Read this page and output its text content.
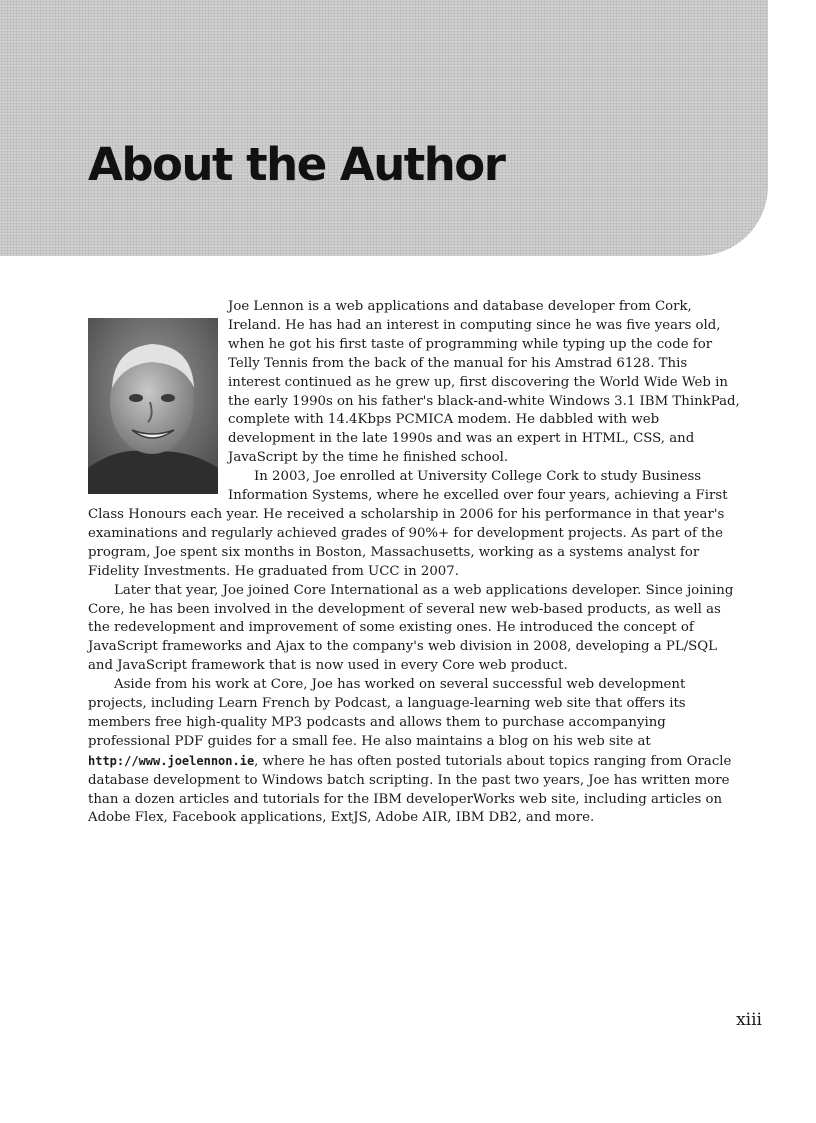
About the Author

Joe Lennon is a web applications and database developer from Cork, Ireland. He has had an interest in computing since he was five years old, when he got his first taste of programming while typing up the code for Telly Tennis from the back of the manual for his Amstrad 6128. This interest continued as he grew up, first discovering the World Wide Web in the early 1990s on his father's black-and-white Windows 3.1 IBM ThinkPad, complete with 14.4Kbps PCMICA modem. He dabbled with web development in the late 1990s and was an expert in HTML, CSS, and JavaScript by the time he finished school.

In 2003, Joe enrolled at University College Cork to study Business Information Systems, where he excelled over four years, achieving a First Class Honours each year. He received a scholarship in 2006 for his performance in that year's examinations and regularly achieved grades of 90%+ for development projects. As part of the program, Joe spent six months in Boston, Massachusetts, working as a systems analyst for Fidelity Investments. He graduated from UCC in 2007.

Later that year, Joe joined Core International as a web applications developer. Since joining Core, he has been involved in the development of several new web-based products, as well as the redevelopment and improvement of some existing ones. He introduced the concept of JavaScript frameworks and Ajax to the company's web division in 2008, developing a PL/SQL and JavaScript framework that is now used in every Core web product.

Aside from his work at Core, Joe has worked on several successful web development projects, including Learn French by Podcast, a language-learning web site that offers its members free high-quality MP3 podcasts and allows them to purchase accompanying professional PDF guides for a small fee. He also maintains a blog on his web site at http://www.joelennon.ie, where he has often posted tutorials about topics ranging from Oracle database development to Windows batch scripting. In the past two years, Joe has written more than a dozen articles and tutorials for the IBM developerWorks web site, including articles on Adobe Flex, Facebook applications, ExtJS, Adobe AIR, IBM DB2, and more.

xiii
